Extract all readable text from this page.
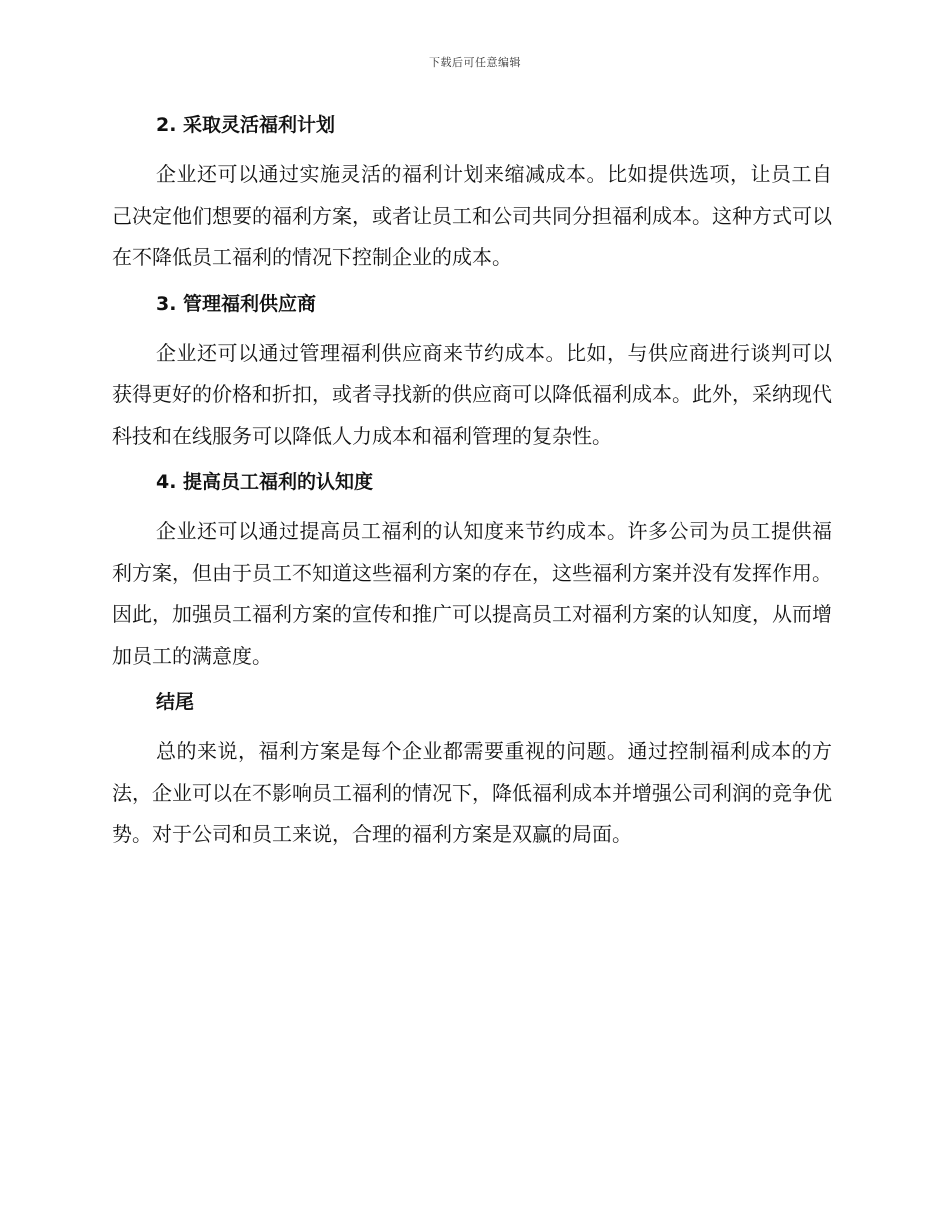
下载后可任意编辑
2. 采取灵活福利计划

企业还可以通过实施灵活的福利计划来缩减成本。比如提供选项，让员工自己决定他们想要的福利方案，或者让员工和公司共同分担福利成本。这种方式可以在不降低员工福利的情况下控制企业的成本。

3. 管理福利供应商

企业还可以通过管理福利供应商来节约成本。比如，与供应商进行谈判可以获得更好的价格和折扣，或者寻找新的供应商可以降低福利成本。此外，采纳现代科技和在线服务可以降低人力成本和福利管理的复杂性。

4. 提高员工福利的认知度

企业还可以通过提高员工福利的认知度来节约成本。许多公司为员工提供福利方案，但由于员工不知道这些福利方案的存在，这些福利方案并没有发挥作用。因此，加强员工福利方案的宣传和推广可以提高员工对福利方案的认知度，从而增加员工的满意度。

结尾

总的来说，福利方案是每个企业都需要重视的问题。通过控制福利成本的方法，企业可以在不影响员工福利的情况下，降低福利成本并增强公司利润的竞争优势。对于公司和员工来说，合理的福利方案是双赢的局面。
